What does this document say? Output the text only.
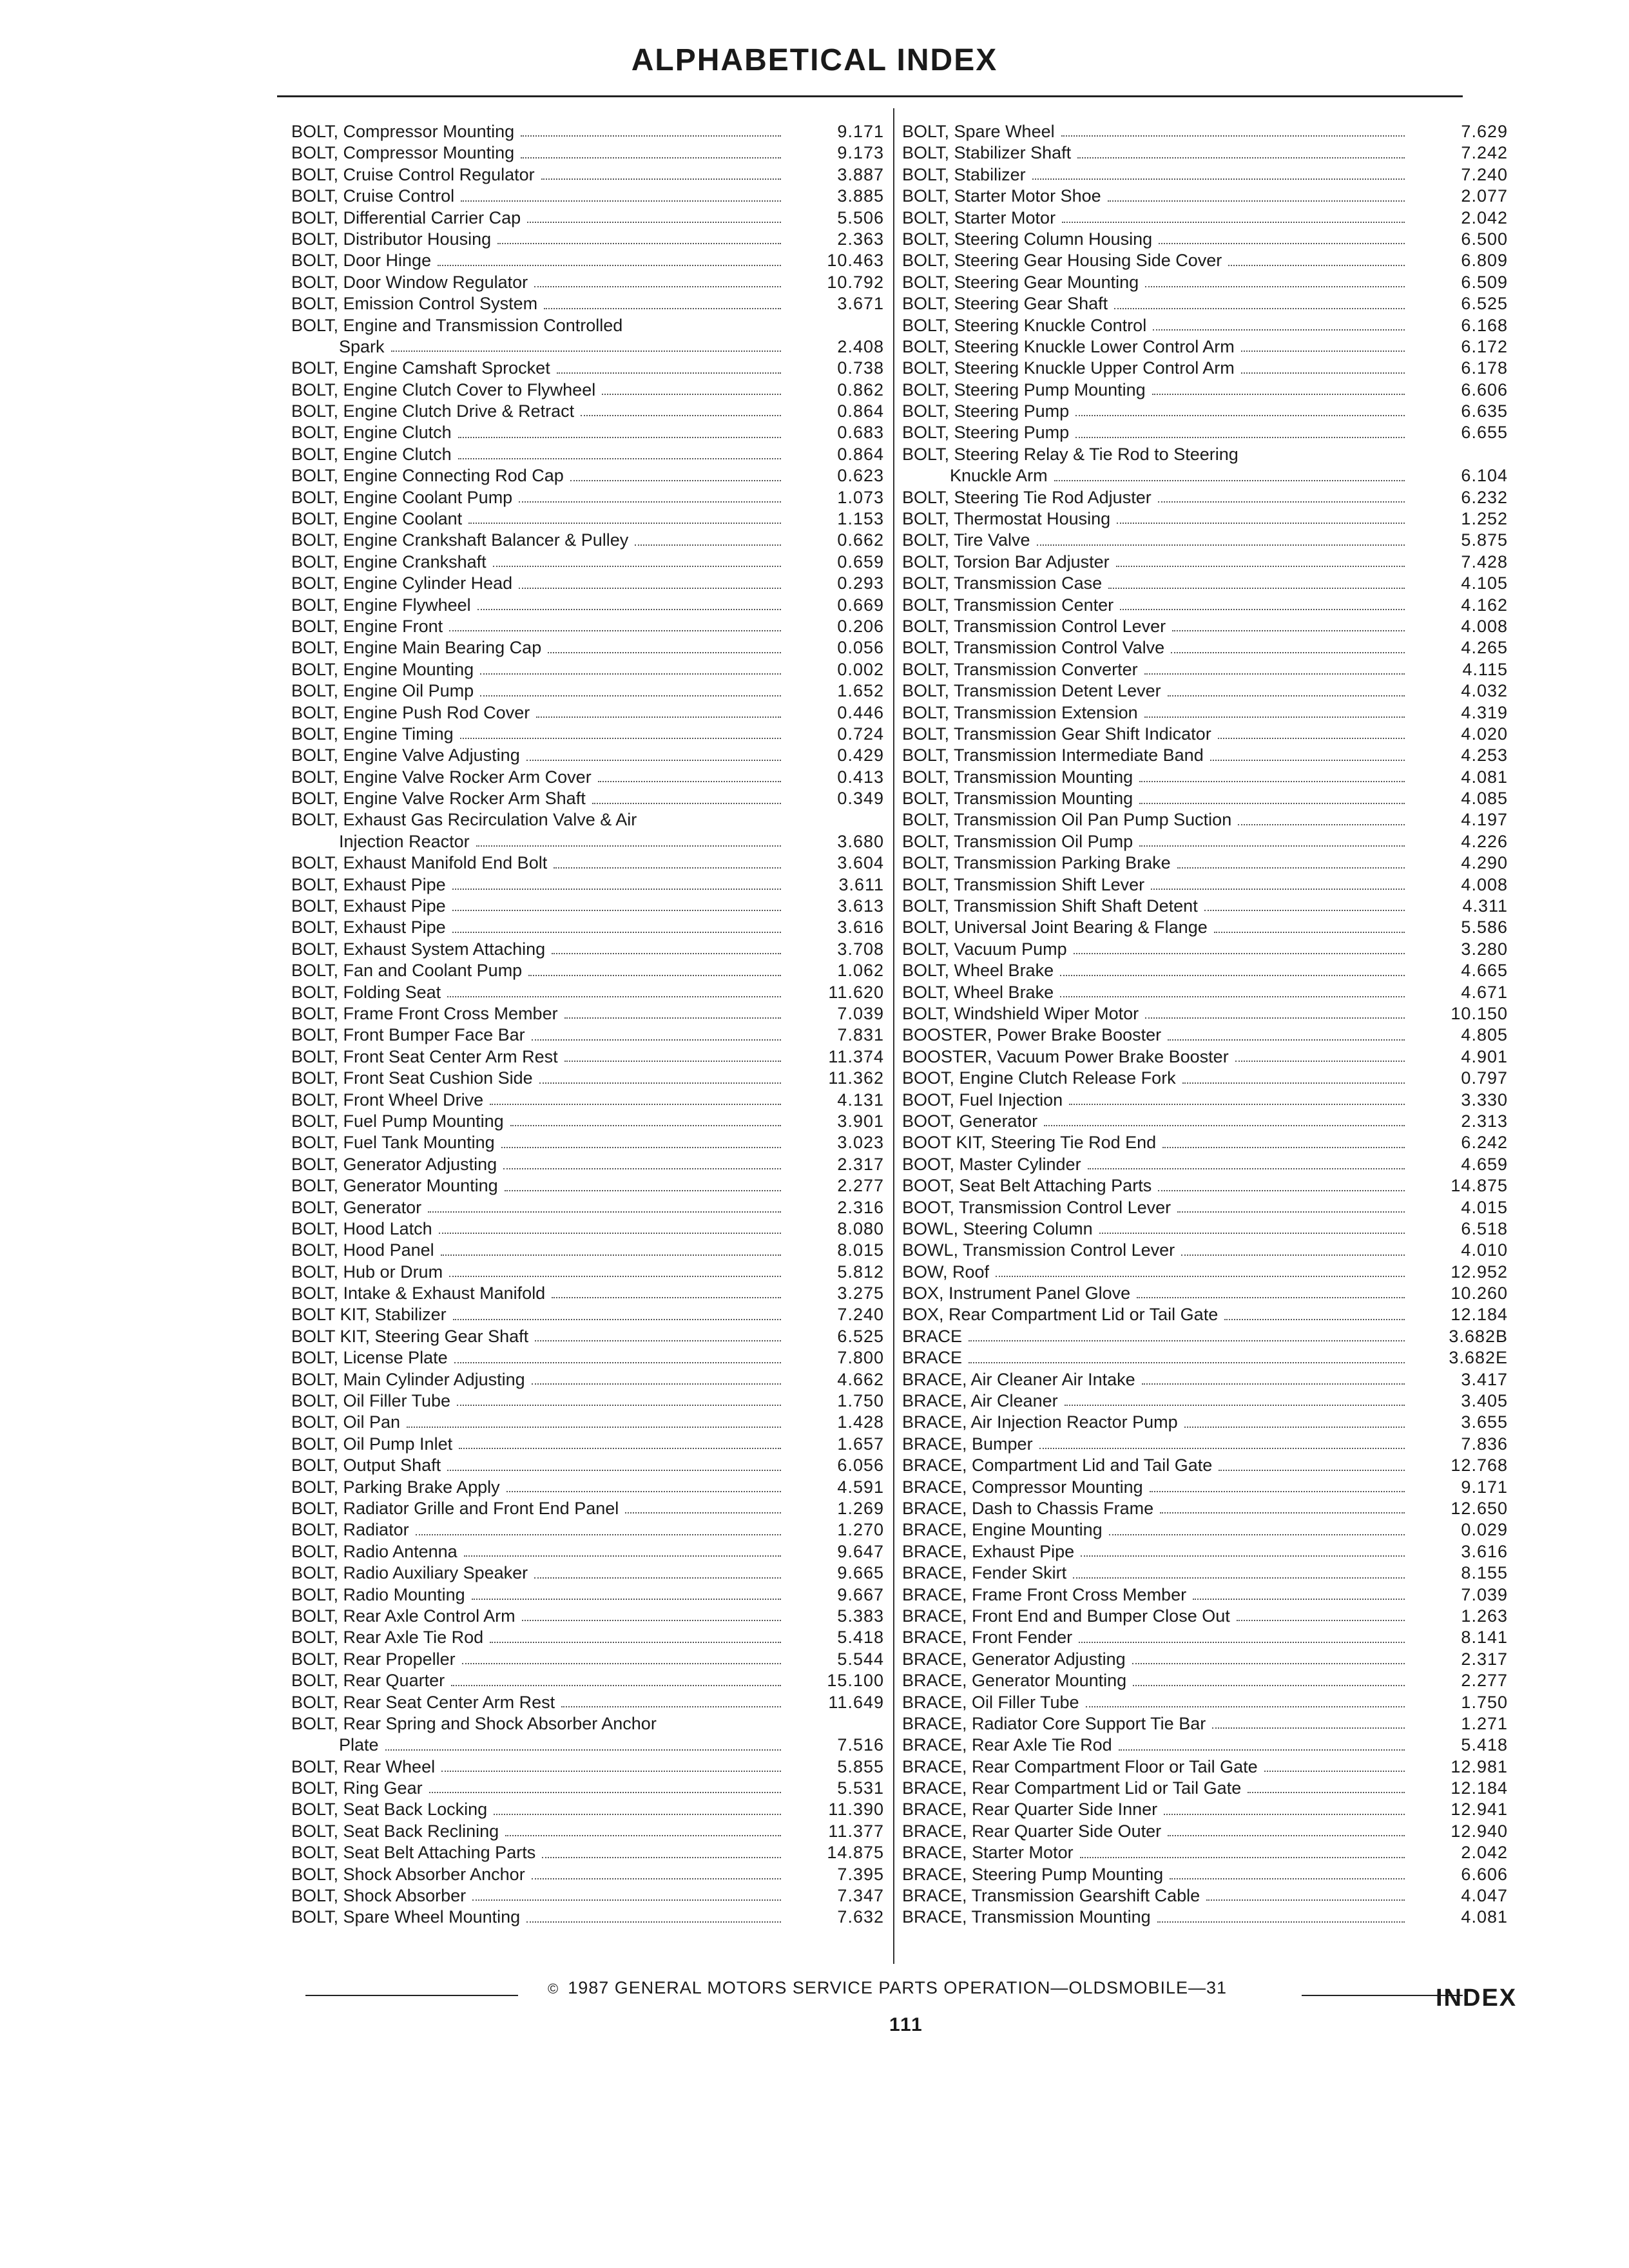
ALPHABETICAL INDEX
BOLT, Compressor Mounting	9.171
BOLT, Compressor Mounting	9.173
BOLT, Cruise Control Regulator	3.887
BOLT, Cruise Control	3.885
BOLT, Differential Carrier Cap	5.506
BOLT, Distributor Housing	2.363
BOLT, Door Hinge	10.463
BOLT, Door Window Regulator	10.792
BOLT, Emission Control System	3.671
BOLT, Engine and Transmission Controlled
Spark	2.408
BOLT, Engine Camshaft Sprocket	0.738
BOLT, Engine Clutch Cover to Flywheel	0.862
BOLT, Engine Clutch Drive & Retract	0.864
BOLT, Engine Clutch	0.683
BOLT, Engine Clutch	0.864
BOLT, Engine Connecting Rod Cap	0.623
BOLT, Engine Coolant Pump	1.073
BOLT, Engine Coolant	1.153
BOLT, Engine Crankshaft Balancer & Pulley	0.662
BOLT, Engine Crankshaft	0.659
BOLT, Engine Cylinder Head	0.293
BOLT, Engine Flywheel	0.669
BOLT, Engine Front	0.206
BOLT, Engine Main Bearing Cap	0.056
BOLT, Engine Mounting	0.002
BOLT, Engine Oil Pump	1.652
BOLT, Engine Push Rod Cover	0.446
BOLT, Engine Timing	0.724
BOLT, Engine Valve Adjusting	0.429
BOLT, Engine Valve Rocker Arm Cover	0.413
BOLT, Engine Valve Rocker Arm Shaft	0.349
BOLT, Exhaust Gas Recirculation Valve & Air
Injection Reactor	3.680
BOLT, Exhaust Manifold End Bolt	3.604
BOLT, Exhaust Pipe	3.611
BOLT, Exhaust Pipe	3.613
BOLT, Exhaust Pipe	3.616
BOLT, Exhaust System Attaching	3.708
BOLT, Fan and Coolant Pump	1.062
BOLT, Folding Seat	11.620
BOLT, Frame Front Cross Member	7.039
BOLT, Front Bumper Face Bar	7.831
BOLT, Front Seat Center Arm Rest	11.374
BOLT, Front Seat Cushion Side	11.362
BOLT, Front Wheel Drive	4.131
BOLT, Fuel Pump Mounting	3.901
BOLT, Fuel Tank Mounting	3.023
BOLT, Generator Adjusting	2.317
BOLT, Generator Mounting	2.277
BOLT, Generator	2.316
BOLT, Hood Latch	8.080
BOLT, Hood Panel	8.015
BOLT, Hub or Drum	5.812
BOLT, Intake & Exhaust Manifold	3.275
BOLT KIT, Stabilizer	7.240
BOLT KIT, Steering Gear Shaft	6.525
BOLT, License Plate	7.800
BOLT, Main Cylinder Adjusting	4.662
BOLT, Oil Filler Tube	1.750
BOLT, Oil Pan	1.428
BOLT, Oil Pump Inlet	1.657
BOLT, Output Shaft	6.056
BOLT, Parking Brake Apply	4.591
BOLT, Radiator Grille and Front End Panel	1.269
BOLT, Radiator	1.270
BOLT, Radio Antenna	9.647
BOLT, Radio Auxiliary Speaker	9.665
BOLT, Radio Mounting	9.667
BOLT, Rear Axle Control Arm	5.383
BOLT, Rear Axle Tie Rod	5.418
BOLT, Rear Propeller	5.544
BOLT, Rear Quarter	15.100
BOLT, Rear Seat Center Arm Rest	11.649
BOLT, Rear Spring and Shock Absorber Anchor
Plate	7.516
BOLT, Rear Wheel	5.855
BOLT, Ring Gear	5.531
BOLT, Seat Back Locking	11.390
BOLT, Seat Back Reclining	11.377
BOLT, Seat Belt Attaching Parts	14.875
BOLT, Shock Absorber Anchor	7.395
BOLT, Shock Absorber	7.347
BOLT, Spare Wheel Mounting	7.632
BOLT, Spare Wheel	7.629
BOLT, Stabilizer Shaft	7.242
BOLT, Stabilizer	7.240
BOLT, Starter Motor Shoe	2.077
BOLT, Starter Motor	2.042
BOLT, Steering Column Housing	6.500
BOLT, Steering Gear Housing Side Cover	6.809
BOLT, Steering Gear Mounting	6.509
BOLT, Steering Gear Shaft	6.525
BOLT, Steering Knuckle Control	6.168
BOLT, Steering Knuckle Lower Control Arm	6.172
BOLT, Steering Knuckle Upper Control Arm	6.178
BOLT, Steering Pump Mounting	6.606
BOLT, Steering Pump	6.635
BOLT, Steering Pump	6.655
BOLT, Steering Relay & Tie Rod to Steering
Knuckle Arm	6.104
BOLT, Steering Tie Rod Adjuster	6.232
BOLT, Thermostat Housing	1.252
BOLT, Tire Valve	5.875
BOLT, Torsion Bar Adjuster	7.428
BOLT, Transmission Case	4.105
BOLT, Transmission Center	4.162
BOLT, Transmission Control Lever	4.008
BOLT, Transmission Control Valve	4.265
BOLT, Transmission Converter	4.115
BOLT, Transmission Detent Lever	4.032
BOLT, Transmission Extension	4.319
BOLT, Transmission Gear Shift Indicator	4.020
BOLT, Transmission Intermediate Band	4.253
BOLT, Transmission Mounting	4.081
BOLT, Transmission Mounting	4.085
BOLT, Transmission Oil Pan Pump Suction	4.197
BOLT, Transmission Oil Pump	4.226
BOLT, Transmission Parking Brake	4.290
BOLT, Transmission Shift Lever	4.008
BOLT, Transmission Shift Shaft Detent	4.311
BOLT, Universal Joint Bearing & Flange	5.586
BOLT, Vacuum Pump	3.280
BOLT, Wheel Brake	4.665
BOLT, Wheel Brake	4.671
BOLT, Windshield Wiper Motor	10.150
BOOSTER, Power Brake Booster	4.805
BOOSTER, Vacuum Power Brake Booster	4.901
BOOT, Engine Clutch Release Fork	0.797
BOOT, Fuel Injection	3.330
BOOT, Generator	2.313
BOOT KIT, Steering Tie Rod End	6.242
BOOT, Master Cylinder	4.659
BOOT, Seat Belt Attaching Parts	14.875
BOOT, Transmission Control Lever	4.015
BOWL, Steering Column	6.518
BOWL, Transmission Control Lever	4.010
BOW, Roof	12.952
BOX, Instrument Panel Glove	10.260
BOX, Rear Compartment Lid or Tail Gate	12.184
BRACE	3.682B
BRACE	3.682E
BRACE, Air Cleaner Air Intake	3.417
BRACE, Air Cleaner	3.405
BRACE, Air Injection Reactor Pump	3.655
BRACE, Bumper	7.836
BRACE, Compartment Lid and Tail Gate	12.768
BRACE, Compressor Mounting	9.171
BRACE, Dash to Chassis Frame	12.650
BRACE, Engine Mounting	0.029
BRACE, Exhaust Pipe	3.616
BRACE, Fender Skirt	8.155
BRACE, Frame Front Cross Member	7.039
BRACE, Front End and Bumper Close Out	1.263
BRACE, Front Fender	8.141
BRACE, Generator Adjusting	2.317
BRACE, Generator Mounting	2.277
BRACE, Oil Filler Tube	1.750
BRACE, Radiator Core Support Tie Bar	1.271
BRACE, Rear Axle Tie Rod	5.418
BRACE, Rear Compartment Floor or Tail Gate	12.981
BRACE, Rear Compartment Lid or Tail Gate	12.184
BRACE, Rear Quarter Side Inner	12.941
BRACE, Rear Quarter Side Outer	12.940
BRACE, Starter Motor	2.042
BRACE, Steering Pump Mounting	6.606
BRACE, Transmission Gearshift Cable	4.047
BRACE, Transmission Mounting	4.081
© 1987 GENERAL MOTORS SERVICE PARTS OPERATION—OLDSMOBILE—31
111
INDEX
